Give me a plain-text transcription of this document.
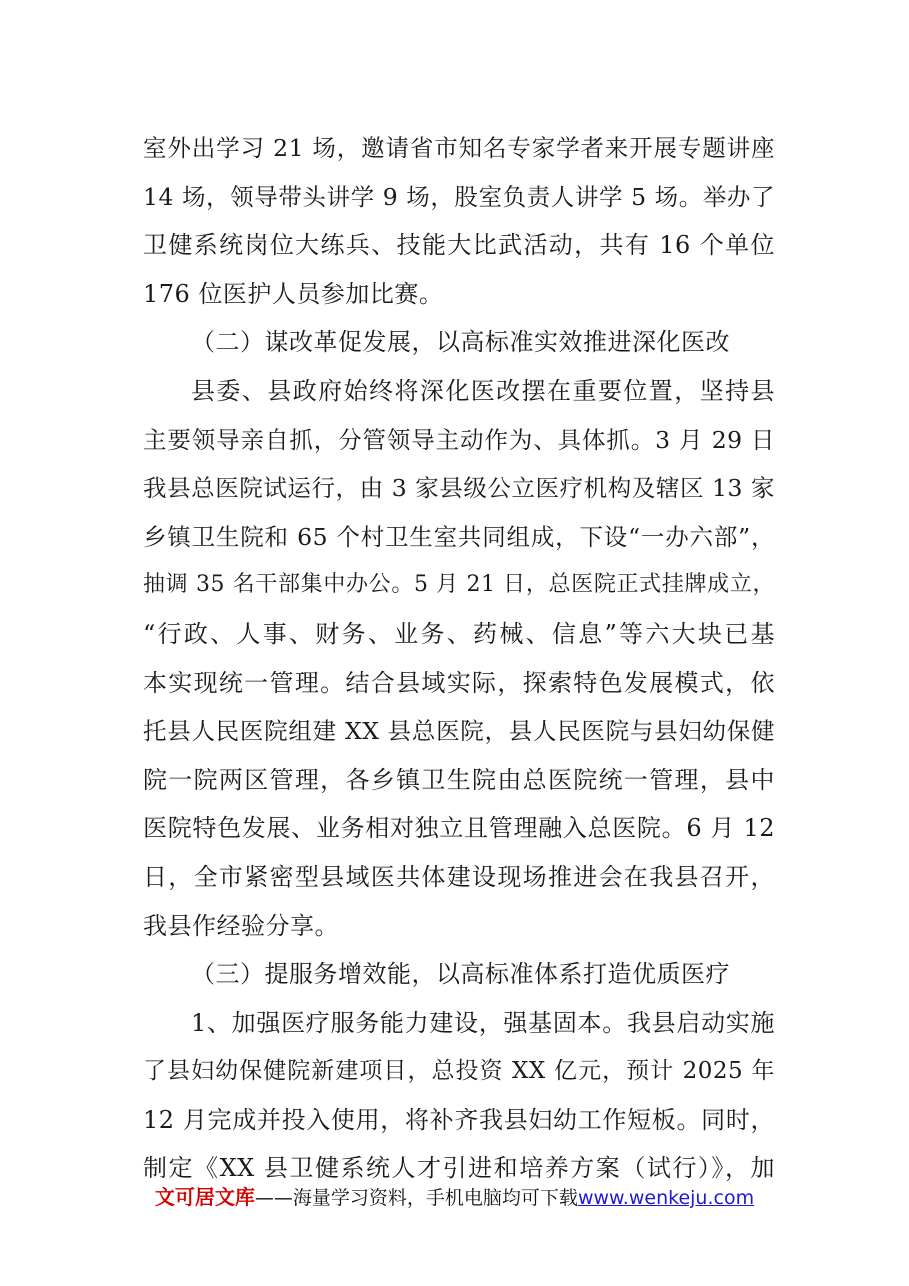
室外出学习 21 场，邀请省市知名专家学者来开展专题讲座
14 场，领导带头讲学 9 场，股室负责人讲学 5 场。举办了
卫健系统岗位大练兵、技能大比武活动，共有 16 个单位
176 位医护人员参加比赛。
（二）谋改革促发展，以高标准实效推进深化医改
县委、县政府始终将深化医改摆在重要位置，坚持县
主要领导亲自抓，分管领导主动作为、具体抓。3 月 29 日
我县总医院试运行，由 3 家县级公立医疗机构及辖区 13 家
乡镇卫生院和 65 个村卫生室共同组成，下设“一办六部”，
抽调 35 名干部集中办公。5 月 21 日，总医院正式挂牌成立，
“行政、人事、财务、业务、药械、信息”等六大块已基
本实现统一管理。结合县域实际，探索特色发展模式，依
托县人民医院组建 XX 县总医院，县人民医院与县妇幼保健
院一院两区管理，各乡镇卫生院由总医院统一管理，县中
医院特色发展、业务相对独立且管理融入总医院。6 月 12
日，全市紧密型县域医共体建设现场推进会在我县召开，
我县作经验分享。
（三）提服务增效能，以高标准体系打造优质医疗
1、加强医疗服务能力建设，强基固本。我县启动实施
了县妇幼保健院新建项目，总投资 XX 亿元，预计 2025 年
12 月完成并投入使用，将补齐我县妇幼工作短板。同时，
制定《XX 县卫健系统人才引进和培养方案（试行）》，加
文可居文库——海量学习资料，手机电脑均可下载www.wenkeju.com
